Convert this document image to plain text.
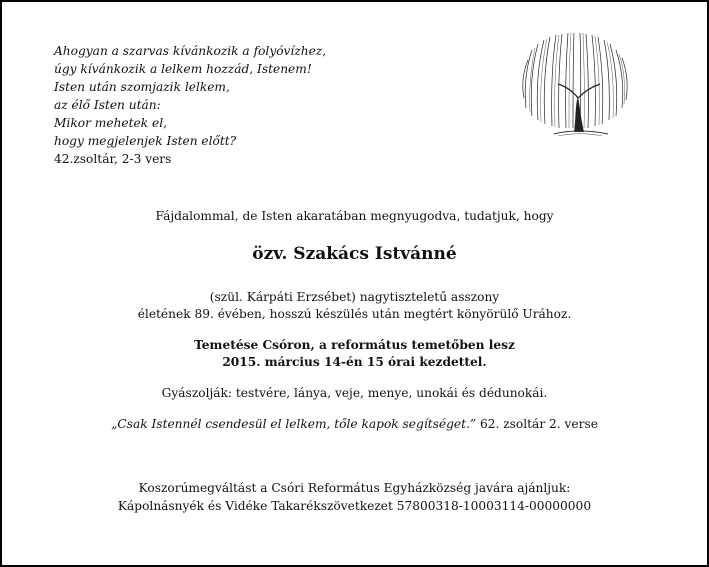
Ahogyan a szarvas kívánkozik a folyóvízhez,
úgy kívánkozik a lelkem hozzád, Istenem!
Isten után szomjazik lelkem,
az élő Isten után:
Mikor mehetek el,
hogy megjelenjek Isten előtt?
42.zsoltár, 2-3 vers
Fájdalommal, de Isten akaratában megnyugodva, tudatjuk, hogy
özv. Szakács Istvánné
(szül. Kárpáti Erzsébet) nagytiszteletű asszony
életének 89. évében, hosszú készülés után megtért könyörülő Urához.
Temetése Csóron, a református temetőben lesz
2015. március 14-én 15 órai kezdettel.
Gyászolják: testvére, lánya, veje, menye, unokái és dédunokái.
„Csak Istennél csendesül el lelkem, tőle kapok segítséget.” 62. zsoltár 2. verse
Koszorúmegváltást a Csóri Református Egyházközség javára ajánljuk:
Kápolnásnyék és Vidéke Takarékszövetkezet 57800318-10003114-00000000
